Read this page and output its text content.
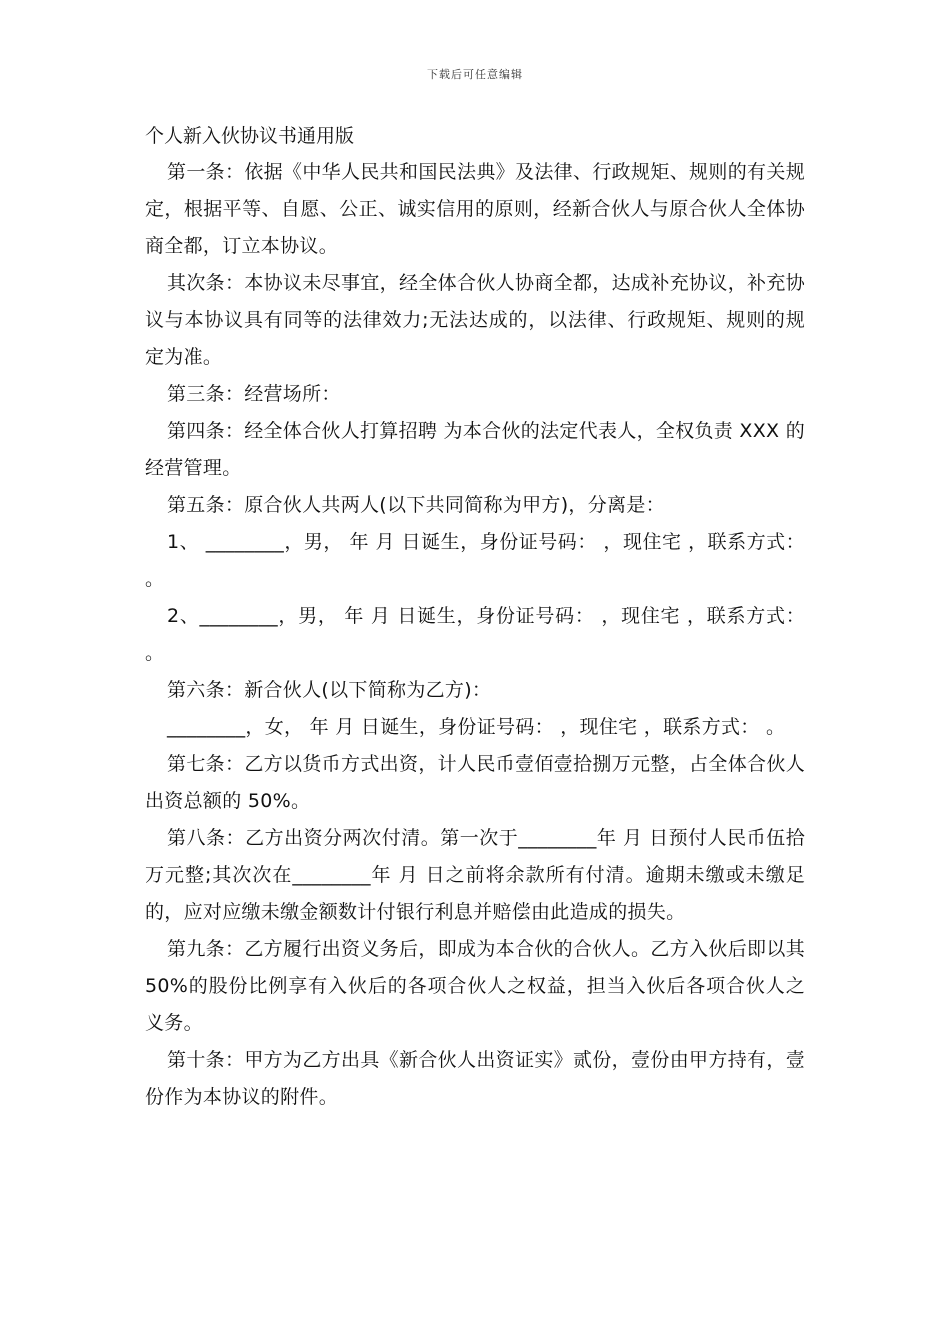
下载后可任意编辑

个人新入伙协议书通用版

第一条：依据《中华人民共和国民法典》及法律、行政规矩、规则的有关规定，根据平等、自愿、公正、诚实信用的原则，经新合伙人与原合伙人全体协商全都，订立本协议。

其次条：本协议未尽事宜，经全体合伙人协商全都，达成补充协议，补充协议与本协议具有同等的法律效力;无法达成的，以法律、行政规矩、规则的规定为准。

第三条：经营场所：

第四条：经全体合伙人打算招聘 为本合伙的法定代表人，全权负责 XXX 的经营管理。

第五条：原合伙人共两人(以下共同简称为甲方)，分离是：

1、 ________，男， 年 月 日诞生，身份证号码： ，现住宅 ，联系方式： 。

2、________，男， 年 月 日诞生，身份证号码： ，现住宅 ，联系方式： 。

第六条：新合伙人(以下简称为乙方)：

________，女， 年 月 日诞生，身份证号码： ，现住宅 ，联系方式： 。

第七条：乙方以货币方式出资，计人民币壹佰壹拾捌万元整，占全体合伙人出资总额的 50%。

第八条：乙方出资分两次付清。第一次于________年 月 日预付人民币伍拾万元整;其次次在________年 月 日之前将余款所有付清。逾期未缴或未缴足的，应对应缴未缴金额数计付银行利息并赔偿由此造成的损失。

第九条：乙方履行出资义务后，即成为本合伙的合伙人。乙方入伙后即以其 50%的股份比例享有入伙后的各项合伙人之权益，担当入伙后各项合伙人之义务。

第十条：甲方为乙方出具《新合伙人出资证实》贰份，壹份由甲方持有，壹份作为本协议的附件。
